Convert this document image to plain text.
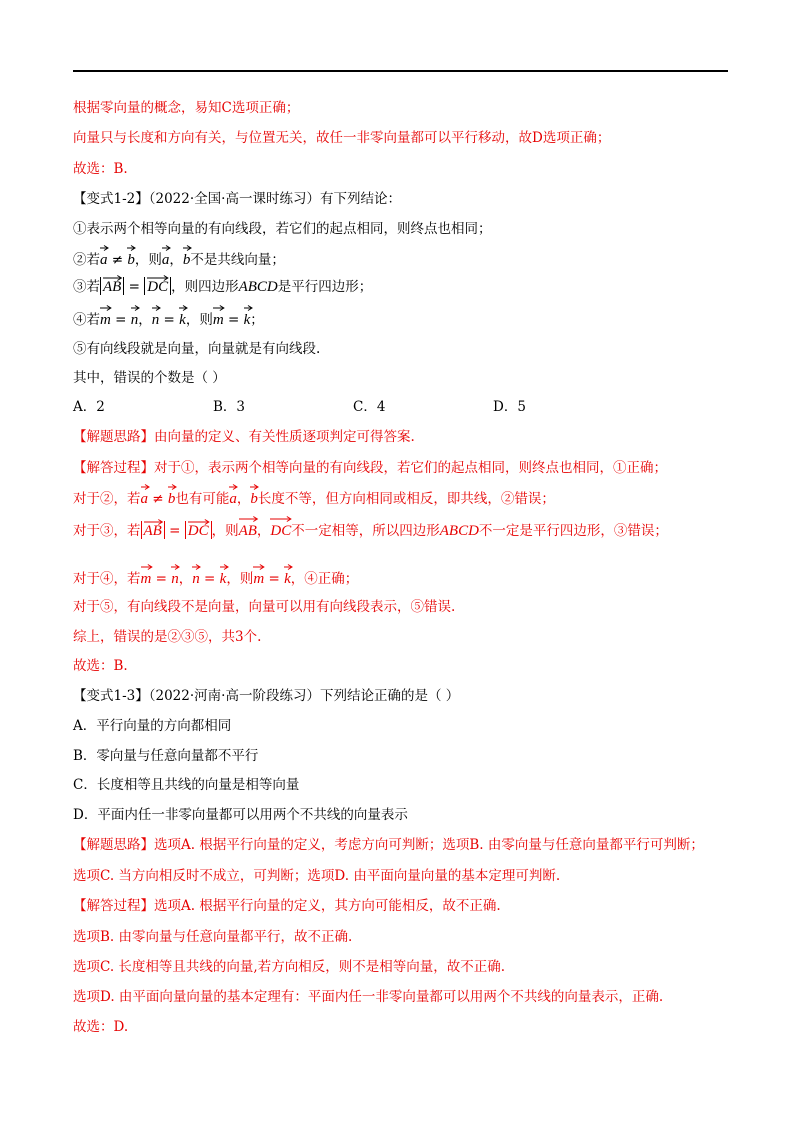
根据零向量的概念，易知C选项正确；
向量只与长度和方向有关，与位置无关，故任一非零向量都可以平行移动，故D选项正确；
故选：B.
【变式1-2】（2022·全国·高一课时练习）有下列结论：
①表示两个相等向量的有向线段，若它们的起点相同，则终点也相同；
②若a
≠ b
，则a
，b
不是共线向量；
③若 AB
= DC ，则四边形ABCD是平行四边形；
④若m
= n
，n
= k
，则m
= k
；
⑤有向线段就是向量，向量就是有向线段.
其中，错误的个数是（ ）
A．2	B．3	C．4	D．5
【解题思路】由向量的定义、有关性质逐项判定可得答案.
【解答过程】对于①，表示两个相等向量的有向线段，若它们的起点相同，则终点也相同，①正确；
对于②，若a
≠ b
也有可能a
，b
长度不等，但方向相同或相反，即共线，②错误；
对于③，若 AB
= DC ，则AB
，DC
不一定相等，所以四边形ABCD不一定是平行四边形，③错误；
对于④，若m
= n
，n
= k
，则m
= k
，④正确；
对于⑤，有向线段不是向量，向量可以用有向线段表示，⑤错误.
综上，错误的是②③⑤，共3个.
故选：B.
【变式1-3】（2022·河南·高一阶段练习）下列结论正确的是（ ）
A．平行向量的方向都相同
B．零向量与任意向量都不平行
C．长度相等且共线的向量是相等向量
D．平面内任一非零向量都可以用两个不共线的向量表示
【解题思路】选项A. 根据平行向量的定义，考虑方向可判断；选项B. 由零向量与任意向量都平行可判断；
选项C. 当方向相反时不成立，可判断；选项D. 由平面向量向量的基本定理可判断.
【解答过程】选项A. 根据平行向量的定义，其方向可能相反，故不正确.
选项B. 由零向量与任意向量都平行，故不正确.
选项C. 长度相等且共线的向量,若方向相反，则不是相等向量，故不正确.
选项D. 由平面向量向量的基本定理有：平面内任一非零向量都可以用两个不共线的向量表示，正确.
故选：D.
